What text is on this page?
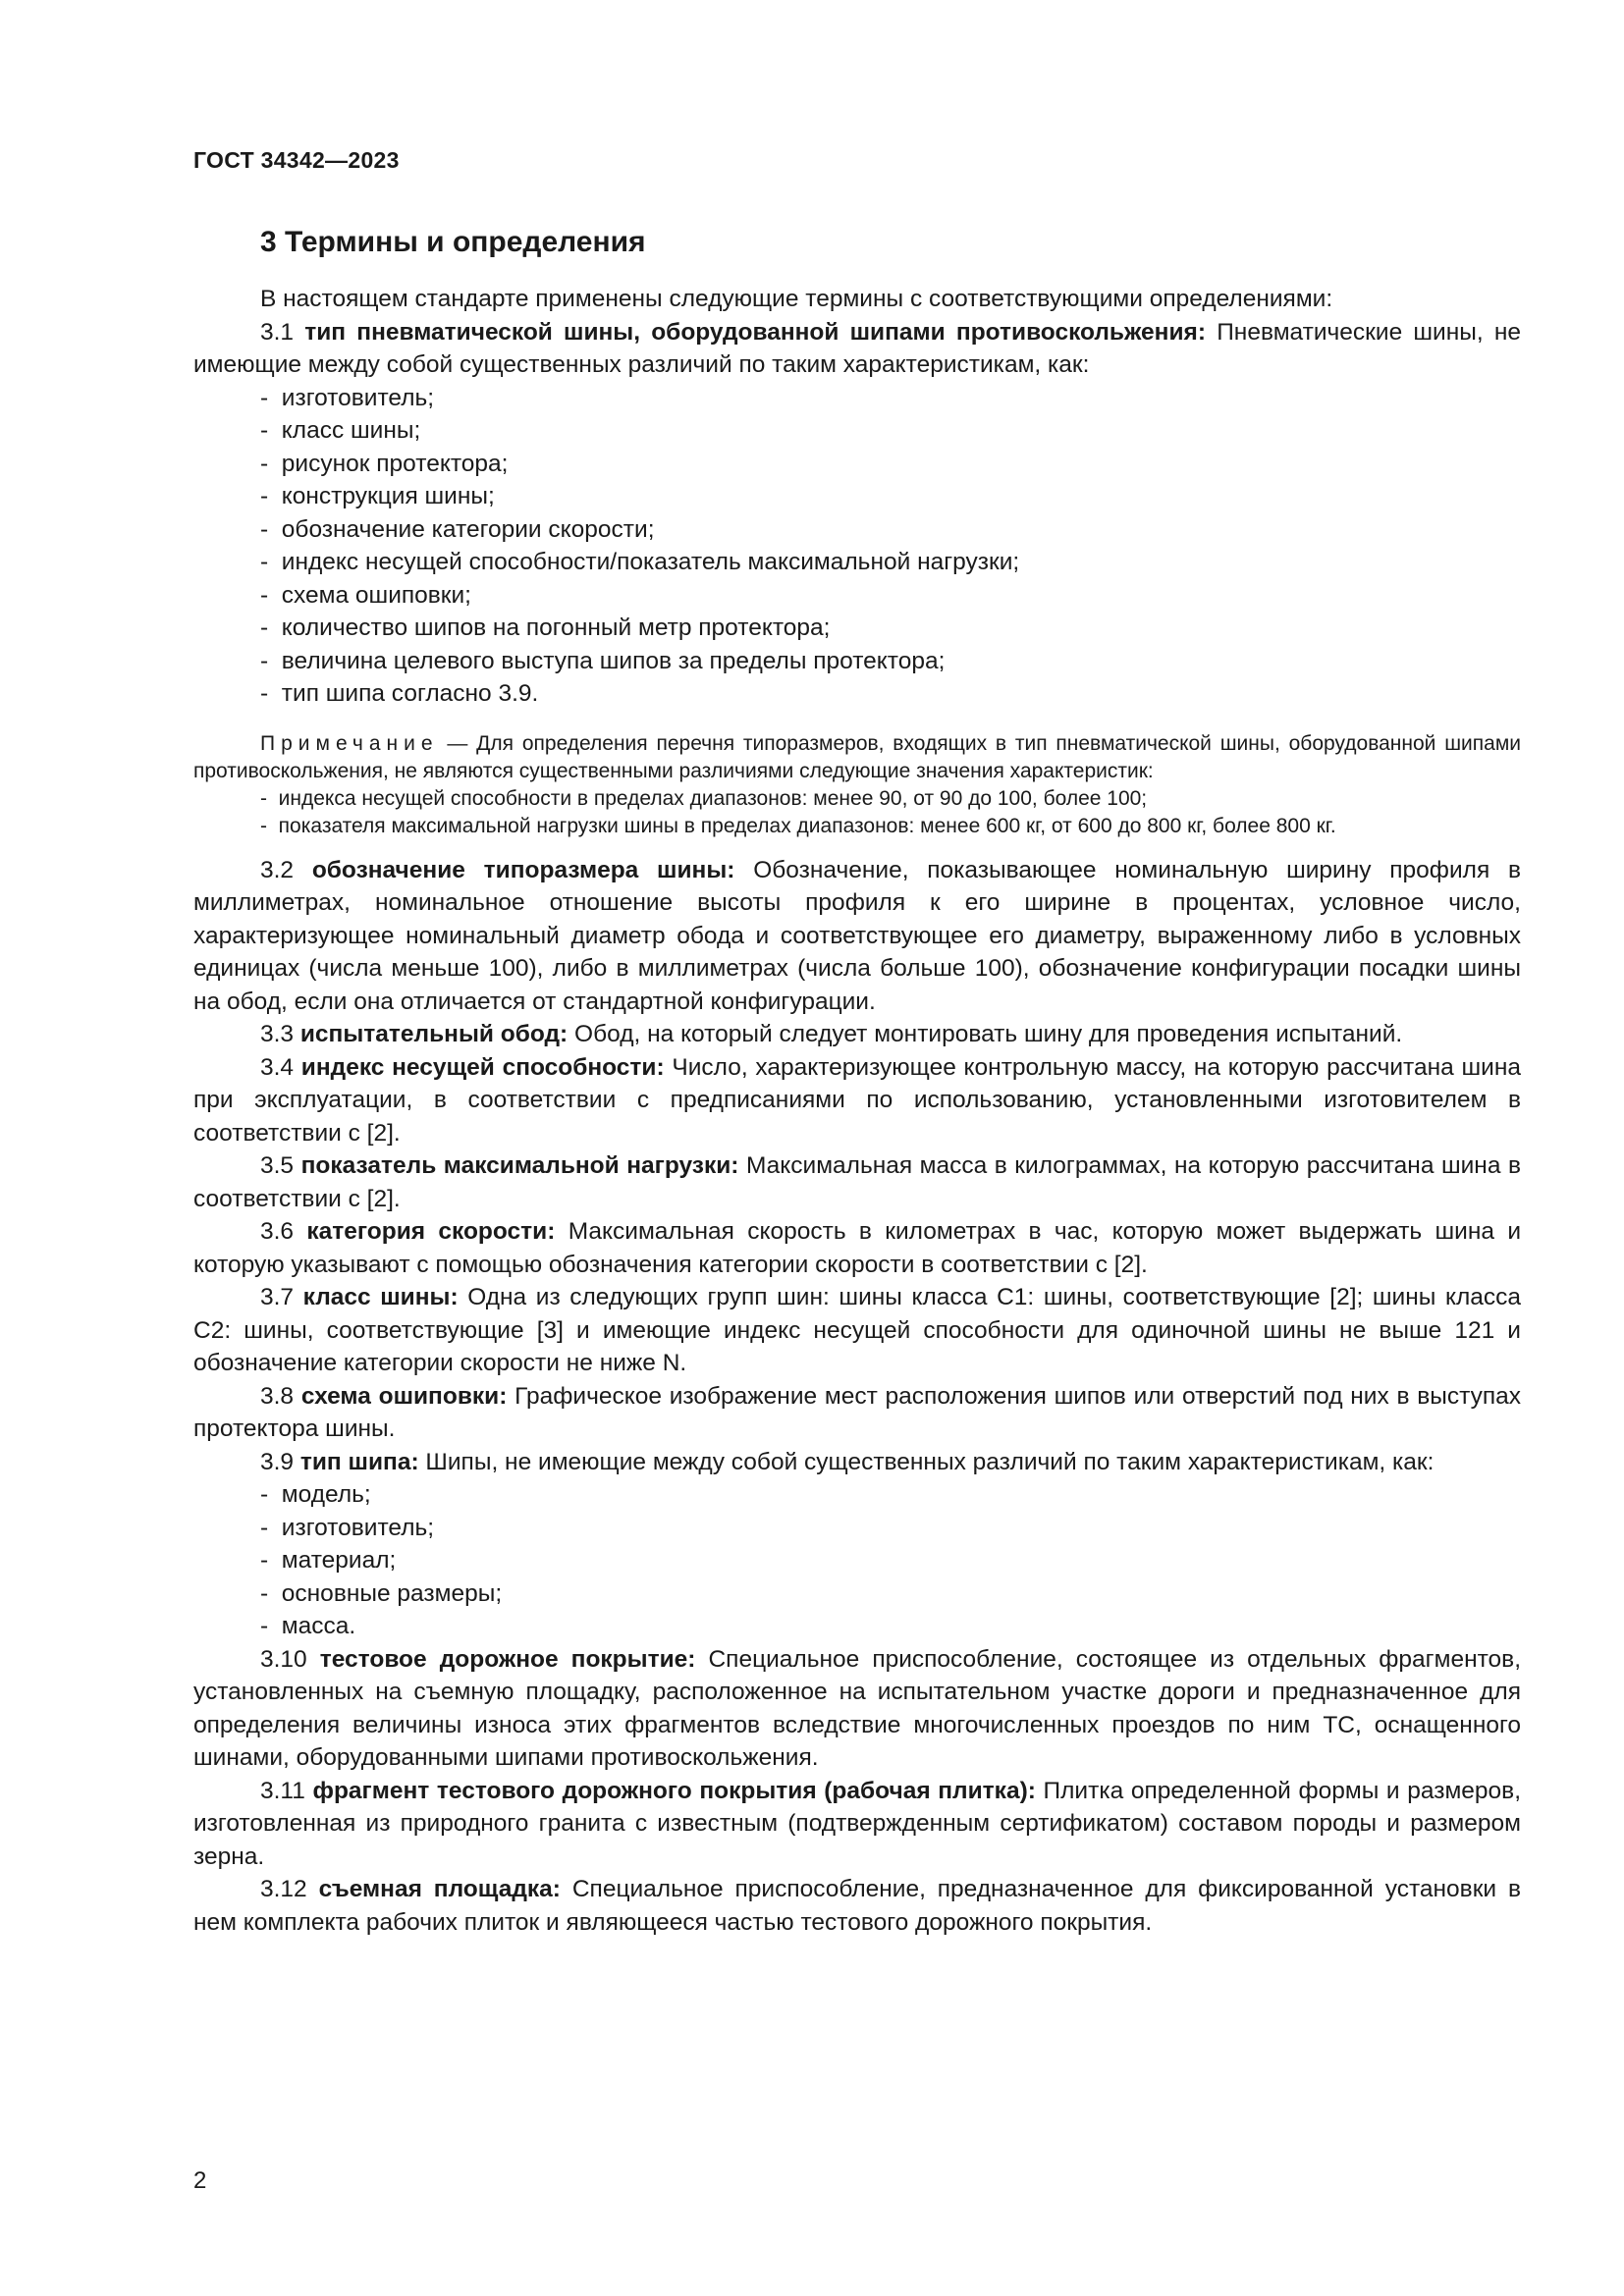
ГОСТ 34342—2023
3 Термины и определения

В настоящем стандарте применены следующие термины с соответствующими определениями:

3.1 тип пневматической шины, оборудованной шипами противоскольжения: Пневматические шины, не имеющие между собой существенных различий по таким характеристикам, как:

-  изготовитель;
-  класс шины;
-  рисунок протектора;
-  конструкция шины;
-  обозначение категории скорости;
-  индекс несущей способности/показатель максимальной нагрузки;
-  схема ошиповки;
-  количество шипов на погонный метр протектора;
-  величина целевого выступа шипов за пределы протектора;
-  тип шипа согласно 3.9.

Примечание — Для определения перечня типоразмеров, входящих в тип пневматической шины, оборудованной шипами противоскольжения, не являются существенными различиями следующие значения характеристик:

-  индекса несущей способности в пределах диапазонов: менее 90, от 90 до 100, более 100;
-  показателя максимальной нагрузки шины в пределах диапазонов: менее 600 кг, от 600 до 800 кг, более 800 кг.

3.2 обозначение типоразмера шины: Обозначение, показывающее номинальную ширину профиля в миллиметрах, номинальное отношение высоты профиля к его ширине в процентах, условное число, характеризующее номинальный диаметр обода и соответствующее его диаметру, выраженному либо в условных единицах (числа меньше 100), либо в миллиметрах (числа больше 100), обозначение конфигурации посадки шины на обод, если она отличается от стандартной конфигурации.

3.3 испытательный обод: Обод, на который следует монтировать шину для проведения испытаний.

3.4 индекс несущей способности: Число, характеризующее контрольную массу, на которую рассчитана шина при эксплуатации, в соответствии с предписаниями по использованию, установленными изготовителем в соответствии с [2].

3.5 показатель максимальной нагрузки: Максимальная масса в килограммах, на которую рассчитана шина в соответствии с [2].

3.6 категория скорости: Максимальная скорость в километрах в час, которую может выдержать шина и которую указывают с помощью обозначения категории скорости в соответствии с [2].

3.7 класс шины: Одна из следующих групп шин: шины класса С1: шины, соответствующие [2]; шины класса С2: шины, соответствующие [3] и имеющие индекс несущей способности для одиночной шины не выше 121 и обозначение категории скорости не ниже N.

3.8 схема ошиповки: Графическое изображение мест расположения шипов или отверстий под них в выступах протектора шины.

3.9 тип шипа: Шипы, не имеющие между собой существенных различий по таким характеристикам, как:

-  модель;
-  изготовитель;
-  материал;
-  основные размеры;
-  масса.

3.10 тестовое дорожное покрытие: Специальное приспособление, состоящее из отдельных фрагментов, установленных на съемную площадку, расположенное на испытательном участке дороги и предназначенное для определения величины износа этих фрагментов вследствие многочисленных проездов по ним ТС, оснащенного шинами, оборудованными шипами противоскольжения.

3.11 фрагмент тестового дорожного покрытия (рабочая плитка): Плитка определенной формы и размеров, изготовленная из природного гранита с известным (подтвержденным сертификатом) составом породы и размером зерна.

3.12 съемная площадка: Специальное приспособление, предназначенное для фиксированной установки в нем комплекта рабочих плиток и являющееся частью тестового дорожного покрытия.

2
